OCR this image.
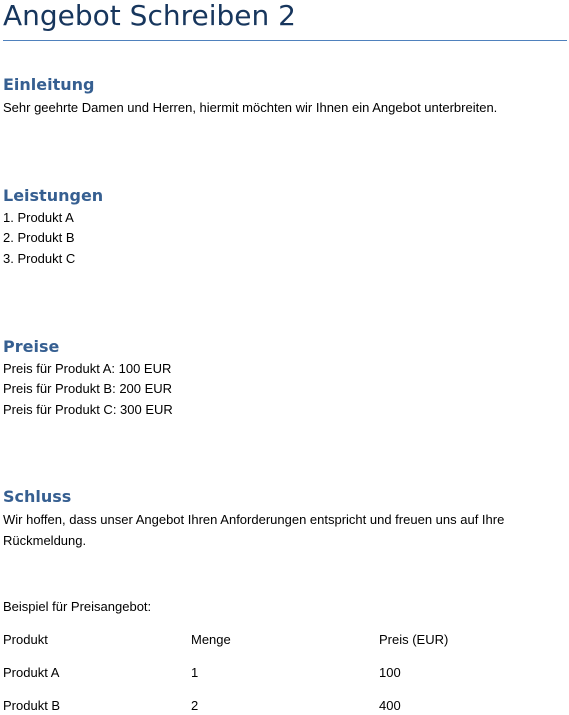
Angebot Schreiben 2
Einleitung

Sehr geehrte Damen und Herren, hiermit möchten wir Ihnen ein Angebot unterbreiten.

Leistungen

1. Produkt A

2. Produkt B

3. Produkt C

Preise

Preis für Produkt A: 100 EUR

Preis für Produkt B: 200 EUR

Preis für Produkt C: 300 EUR

Schluss

Wir hoffen, dass unser Angebot Ihren Anforderungen entspricht und freuen uns auf Ihre

Rückmeldung.

Beispiel für Preisangebot:

Produkt	Menge	Preis (EUR)

Produkt A	1	100

Produkt B	2	400
